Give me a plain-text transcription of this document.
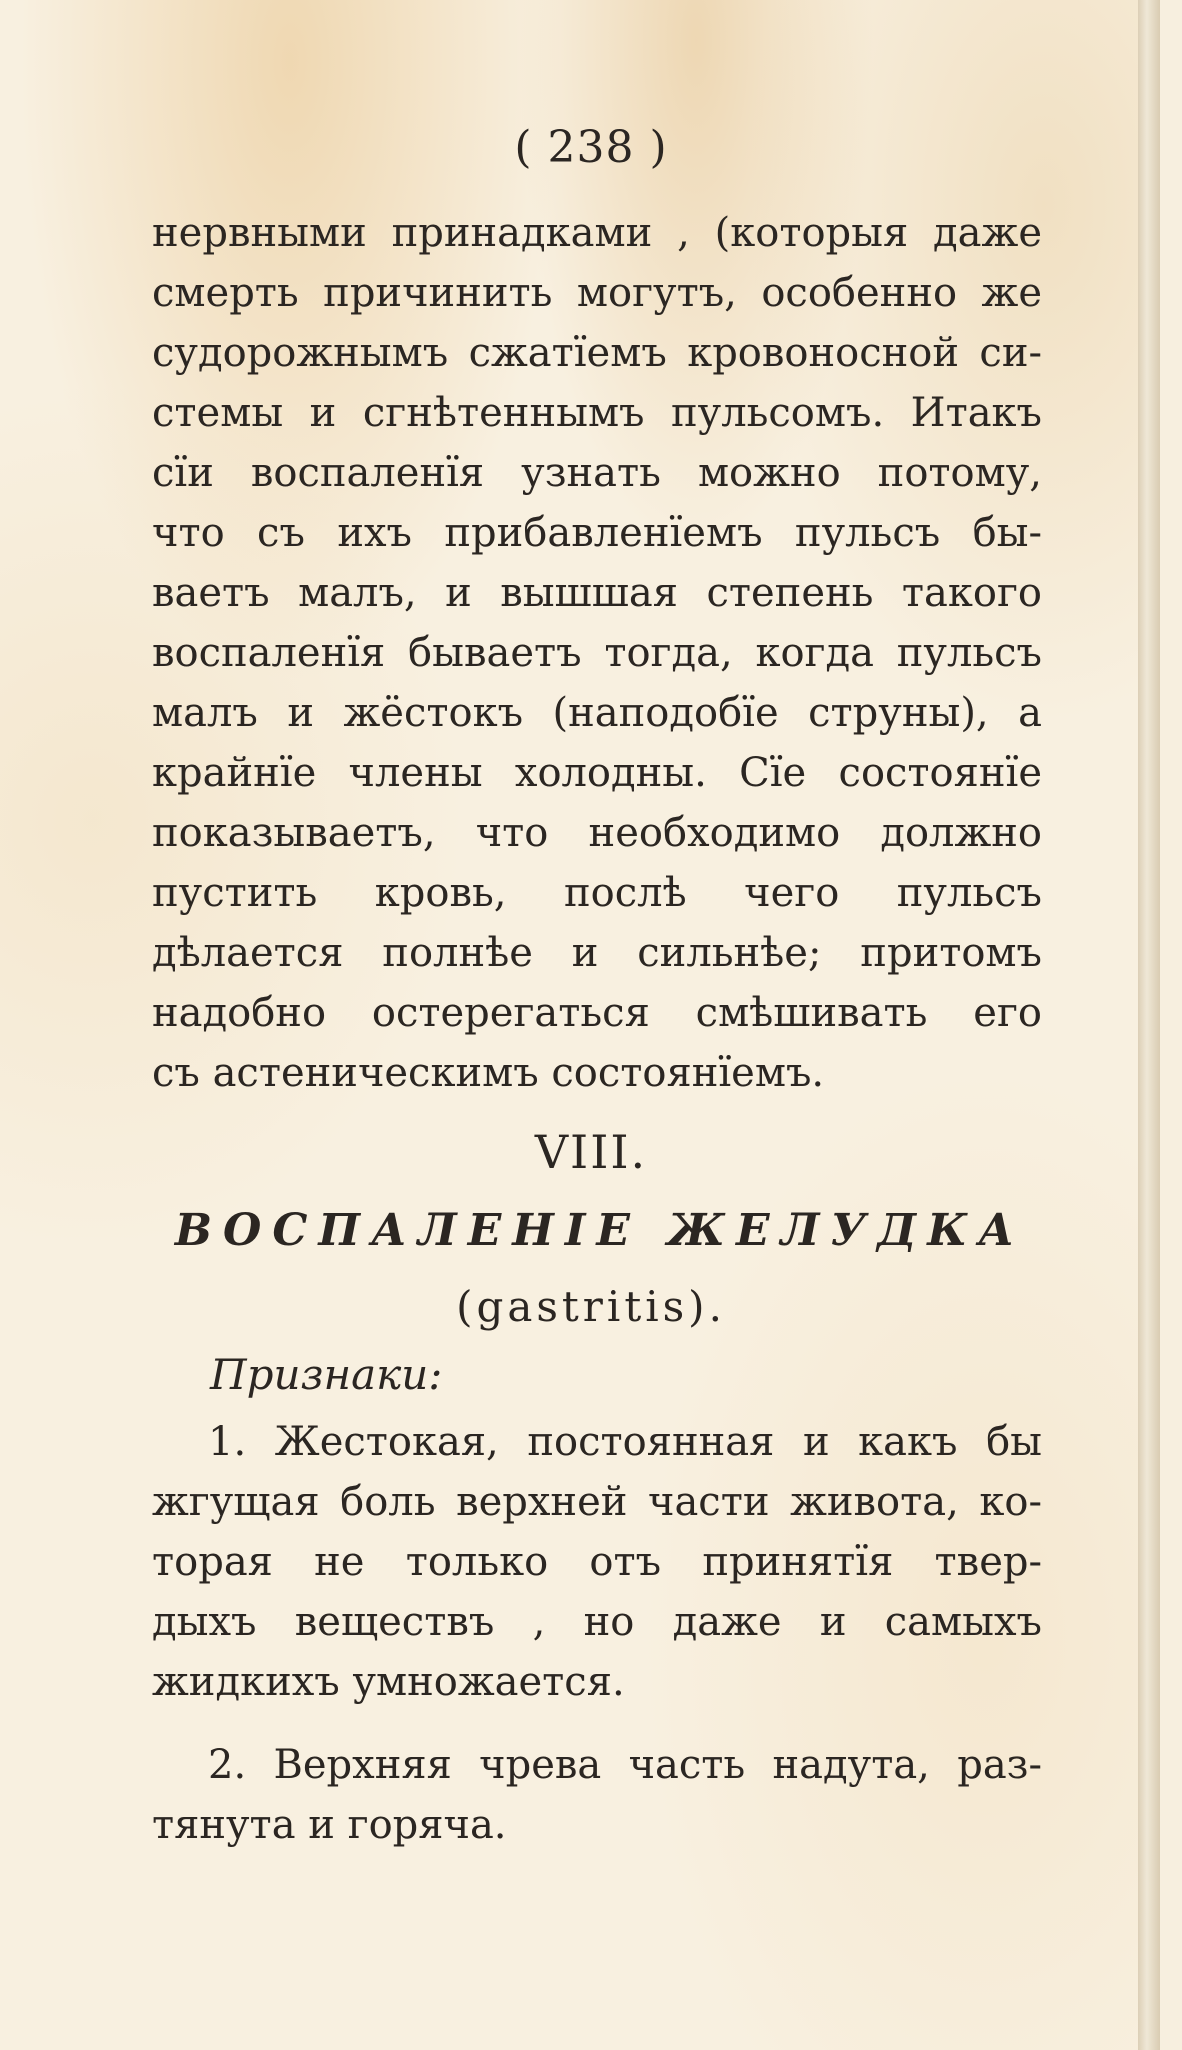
( 238 )
нервными принадками , (которыя даже
смерть причинить могутъ, особенно же
судорожнымъ сжатїемъ кровоносной си-
стемы и сгнѣтеннымъ пульсомъ. Итакъ
сїи воспаленїя узнать можно потому,
что съ ихъ прибавленїемъ пульсъ бы-
ваетъ малъ, и вышшая степень такого
воспаленїя бываетъ тогда, когда пульсъ
малъ и жёстокъ (наподобїе струны), а
крайнїе члены холодны. Сїе состоянїе
показываетъ, что необходимо должно
пустить кровь, послѣ чего пульсъ
дѣлается полнѣе и сильнѣе; притомъ
надобно остерегаться смѣшивать его
съ астеническимъ состоянїемъ.
VIII.
ВОСПАЛЕНІЕ ЖЕЛУДКА
(gastritis).
Признаки:
1. Жестокая, постоянная и какъ бы
жгущая боль верхней части живота, ко-
торая не только отъ принятїя твер-
дыхъ веществъ , но даже и самыхъ
жидкихъ умножается.
2. Верхняя чрева часть надута, раз-
тянута и горяча.
